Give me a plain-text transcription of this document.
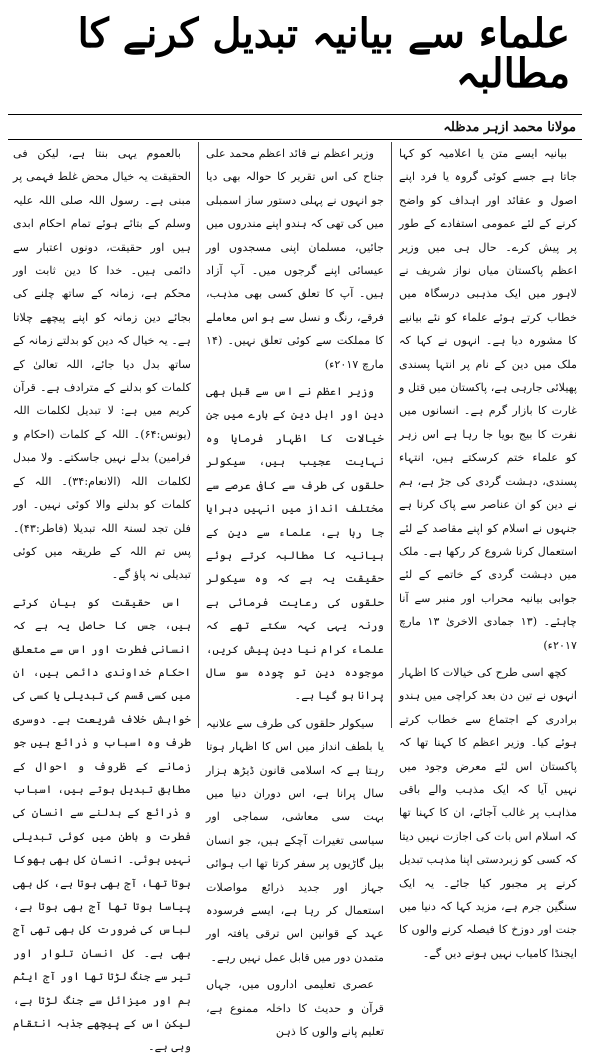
علماء سے بیانیہ تبدیل کرنے کا مطالبہ
مولانا محمد ازہر مدظلہ

بیانیہ ایسے متن یا اعلامیہ کو کہا جاتا ہے جسے کوئی گروہ یا فرد اپنے اصول و عقائد اور اہداف کو واضح کرنے کے لئے عمومی استفادے کے طور پر پیش کرے۔ حال ہی میں وزیر اعظم پاکستان میاں نواز شریف نے لاہور میں ایک مذہبی درسگاہ میں خطاب کرتے ہوئے علماء کو نئے بیانیے کا مشورہ دیا ہے۔ انہوں نے کہا کہ ملک میں دین کے نام پر انتہا پسندی پھیلائی جارہی ہے، پاکستان میں قتل و غارت کا بازار گرم ہے۔ انسانوں میں نفرت کا بیج بویا جا رہا ہے اس زہر کو علماء ختم کرسکتے ہیں، انتہاء پسندی، دہشت گردی کی جڑ ہے، ہم نے دین کو ان عناصر سے پاک کرنا ہے جنہوں نے اسلام کو اپنے مقاصد کے لئے استعمال کرنا شروع کر رکھا ہے۔ ملک میں دہشت گردی کے خاتمے کے لئے جوابی بیانیہ محراب اور منبر سے آنا چاہئے۔ (۱۳ جمادی الاخریٰ ۱۳ مارچ ۲۰۱۷ء)

کچھ اسی طرح کی خیالات کا اظہار انہوں نے تین دن بعد کراچی میں ہندو برادری کے اجتماع سے خطاب کرتے ہوئے کیا۔ وزیر اعظم کا کہنا تھا کہ پاکستان اس لئے معرض وجود میں نہیں آیا کہ ایک مذہب والے باقی مذاہب پر غالب آجائے، ان کا کہنا تھا کہ اسلام اس بات کی اجازت نہیں دیتا کہ کسی کو زبردستی اپنا مذہب تبدیل کرنے پر مجبور کیا جائے۔ یہ ایک سنگین جرم ہے، مزید کہا کہ دنیا میں جنت اور دوزخ کا فیصلہ کرنے والوں کا ایجنڈا کامیاب نہیں ہونے دیں گے۔

وزیر اعظم نے قائد اعظم محمد علی جناح کی اس تقریر کا حوالہ بھی دیا جو انہوں نے پہلی دستور ساز اسمبلی میں کی تھی کہ ہندو اپنے مندروں میں جائیں، مسلمان اپنی مسجدوں اور عیسائی اپنے گرجوں میں۔ آپ آزاد ہیں۔ آپ کا تعلق کسی بھی مذہب، فرقے، رنگ و نسل سے ہو اس معاملے کا مملکت سے کوئی تعلق نہیں۔ (۱۴ مارچ ۲۰۱۷ء)

وزیر اعظم نے اس سے قبل بھی دین اور اہل دین کے بارے میں جن خیالات کا اظہار فرمایا وہ نہایت عجیب ہیں، سیکولر حلقوں کی طرف سے کافی عرصے سے مختلف انداز میں انہیں دہرایا جا رہا ہے، علماء سے دین کے بیانیہ کا مطالبہ کرتے ہوئے حقیقت یہ ہے کہ وہ سیکولر حلقوں کی رعایت فرمائی ہے ورنہ یہی کہہ سکتے تھے کہ علماء کرام نیا دین پیش کریں، موجودہ دین تو چودہ سو سال پرانا ہو گیا ہے۔

سیکولر حلقوں کی طرف سے علانیہ یا بلطف انداز میں اس کا اظہار ہوتا رہتا ہے کہ اسلامی قانون ڈیڑھ ہزار سال پرانا ہے، اس دوران دنیا میں بہت سی معاشی، سماجی اور سیاسی تغیرات آچکے ہیں، جو انسان بیل گاڑیوں پر سفر کرتا تھا اب ہوائی جہاز اور جدید ذرائع مواصلات استعمال کر رہا ہے، ایسے فرسودہ عہد کے قوانین اس ترقی یافتہ اور متمدن دور میں قابل عمل نہیں رہے۔

عصری تعلیمی اداروں میں، جہاں قرآن و حدیث کا داخلہ ممنوع ہے، تعلیم پانے والوں کا ذہن

بالعموم یہی بنتا ہے، لیکن فی الحقیقت یہ خیال محض غلط فہمی پر مبنی ہے۔ رسول اللہ صلی اللہ علیہ وسلم کے بتائے ہوئے تمام احکام ابدی ہیں اور حقیقت، دونوں اعتبار سے دائمی ہیں۔ خدا کا دین ثابت اور محکم ہے، زمانہ کے ساتھ چلنے کی بجائے دین زمانہ کو اپنے پیچھے چلاتا ہے۔ یہ خیال کہ دین کو بدلتے زمانہ کے ساتھ بدل دیا جائے، اللہ تعالیٰ کے کلمات کو بدلنے کے مترادف ہے۔ قرآن کریم میں ہے: لا تبدیل لکلمات اللہ (یونس:۶۴)۔ اللہ کے کلمات (احکام و فرامین) بدلے نہیں جاسکتے۔ ولا مبدل لکلمات اللہ (الانعام:۳۴)۔ اللہ کے کلمات کو بدلنے والا کوئی نہیں۔ اور فلن تجد لسنۃ اللہ تبدیلا (فاطر:۴۳)۔ پس تم اللہ کے طریقہ میں کوئی تبدیلی نہ پاؤ گے۔

اس حقیقت کو بیان کرتے ہیں، جس کا حاصل یہ ہے کہ انسانی فطرت اور اس سے متعلق احکام خداوندی دائمی ہیں، ان میں کسی قسم کی تبدیلی یا کسی کی خواہش خلاف شریعت ہے۔ دوسری طرف وہ اسباب و ذرائع ہیں جو زمانے کے ظروف و احوال کے مطابق تبدیل ہوتے ہیں، اسباب و ذرائع کے بدلنے سے انسان کی فطرت و باطن میں کوئی تبدیلی نہیں ہوئی۔ انسان کل بھی بھوکا ہوتا تھا، آج بھی ہوتا ہے، کل بھی پیاسا ہوتا تھا آج بھی ہوتا ہے، لباس کی ضرورت کل بھی تھی آج بھی ہے۔ کل انسان تلوار اور تیر سے جنگ لڑتا تھا اور آج ایٹم بم اور میزائل سے جنگ لڑتا ہے، لیکن اس کے پیچھے جذبہ انتقام وہی ہے۔
